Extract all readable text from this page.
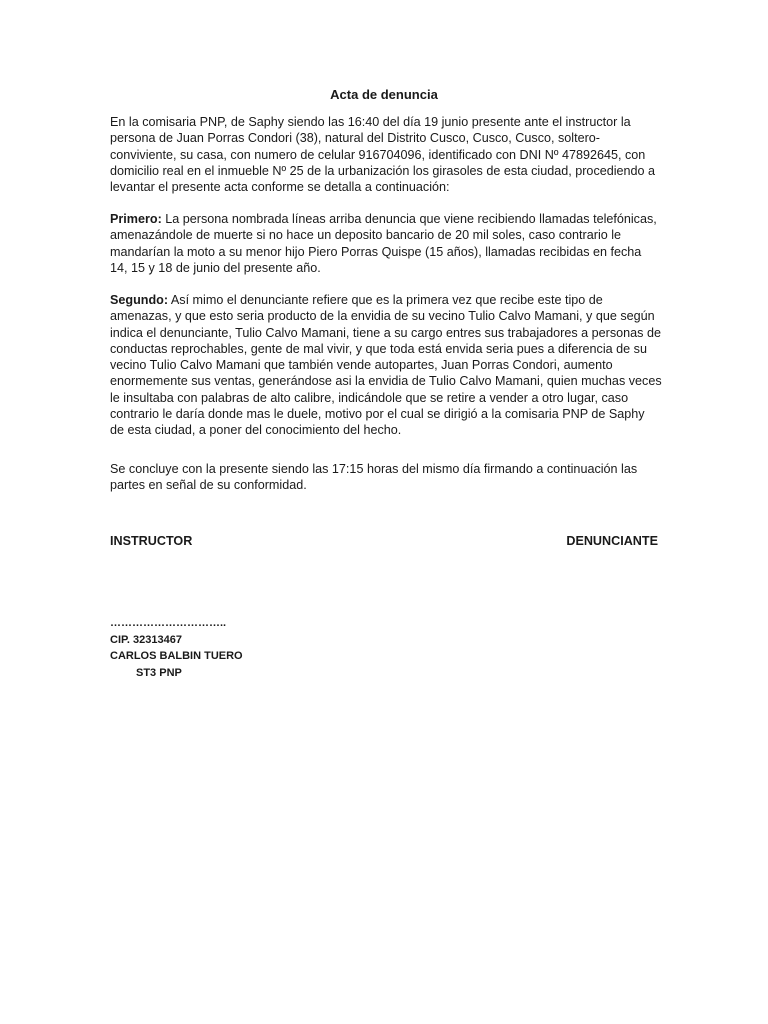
Acta de denuncia

En la comisaria PNP, de Saphy siendo las 16:40 del día 19 junio presente ante el instructor la persona de Juan Porras Condori (38), natural del Distrito Cusco, Cusco, Cusco, soltero- conviviente, su casa, con numero de celular 916704096, identificado con DNI Nº 47892645, con domicilio real en el inmueble Nº 25 de la urbanización los girasoles de esta ciudad, procediendo a levantar el presente acta conforme se detalla a continuación:

Primero: La persona nombrada líneas arriba denuncia que viene recibiendo llamadas telefónicas, amenazándole de muerte si no hace un deposito bancario de 20 mil soles, caso contrario le mandarían la moto a su menor hijo Piero Porras Quispe (15 años), llamadas recibidas en fecha 14, 15 y 18 de junio del presente año.

Segundo: Así mimo el denunciante refiere que es la primera vez que recibe este tipo de amenazas, y que esto seria producto de la envidia de su vecino Tulio Calvo Mamani, y que según indica el denunciante, Tulio Calvo Mamani, tiene a su cargo entres sus trabajadores a personas de conductas reprochables, gente de mal vivir, y que toda está envida seria pues a diferencia de su vecino Tulio Calvo Mamani que también vende autopartes, Juan Porras Condori, aumento enormemente sus ventas, generándose asi la envidia de Tulio Calvo Mamani, quien muchas veces le insultaba con palabras de alto calibre, indicándole que se retire a vender a otro lugar, caso contrario le daría donde mas le duele, motivo por el cual se dirigió a la comisaria PNP de Saphy de esta ciudad, a poner del conocimiento del hecho.

Se concluye con la presente siendo las 17:15 horas del mismo día firmando a continuación las partes en señal de su conformidad.

INSTRUCTOR	DENUNCIANTE
…………………………..
CIP. 32313467
CARLOS BALBIN TUERO
ST3 PNP
